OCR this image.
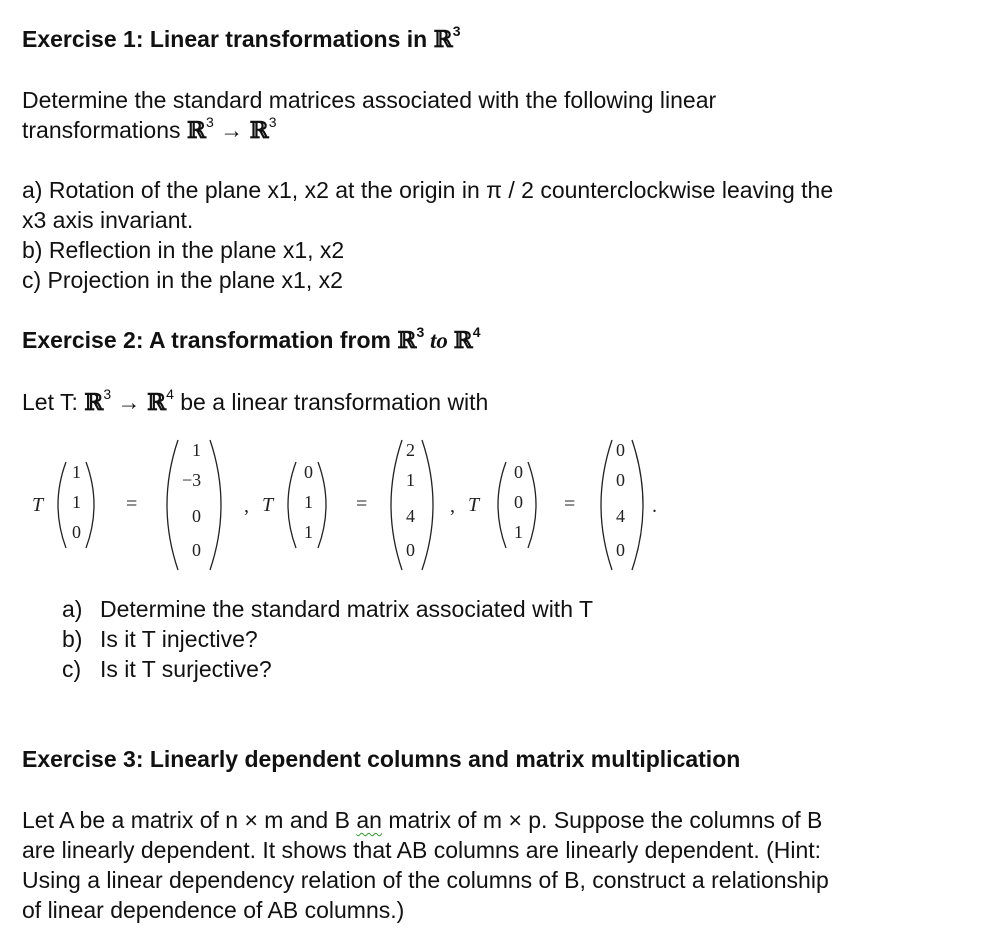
Exercise 1: Linear transformations in ℝ$^3$
Determine the standard matrices associated with the following linear
transformations ℝ$^3$ → ℝ$^3$
a) Rotation of the plane x1, x2 at the origin in π / 2 counterclockwise leaving the
x3 axis invariant.
b) Reflection in the plane x1, x2
c) Projection in the plane x1, x2
Exercise 2: A transformation from ℝ$^3$ to ℝ$^4$
Let T: ℝ$^3$ → ℝ$^4$ be a linear transformation with
T
1
1
0
=
1
−3
0
0
, T
0
1
1
=
2
1
4
0
, T
0
0
1
=
0
0
4
0
.
a) Determine the standard matrix associated with T
b) Is it T injective?
c) Is it T surjective?
Exercise 3: Linearly dependent columns and matrix multiplication
Let A be a matrix of n × m and B an matrix of m × p. Suppose the columns of B
are linearly dependent. It shows that AB columns are linearly dependent. (Hint:
Using a linear dependency relation of the columns of B, construct a relationship
of linear dependence of AB columns.)
